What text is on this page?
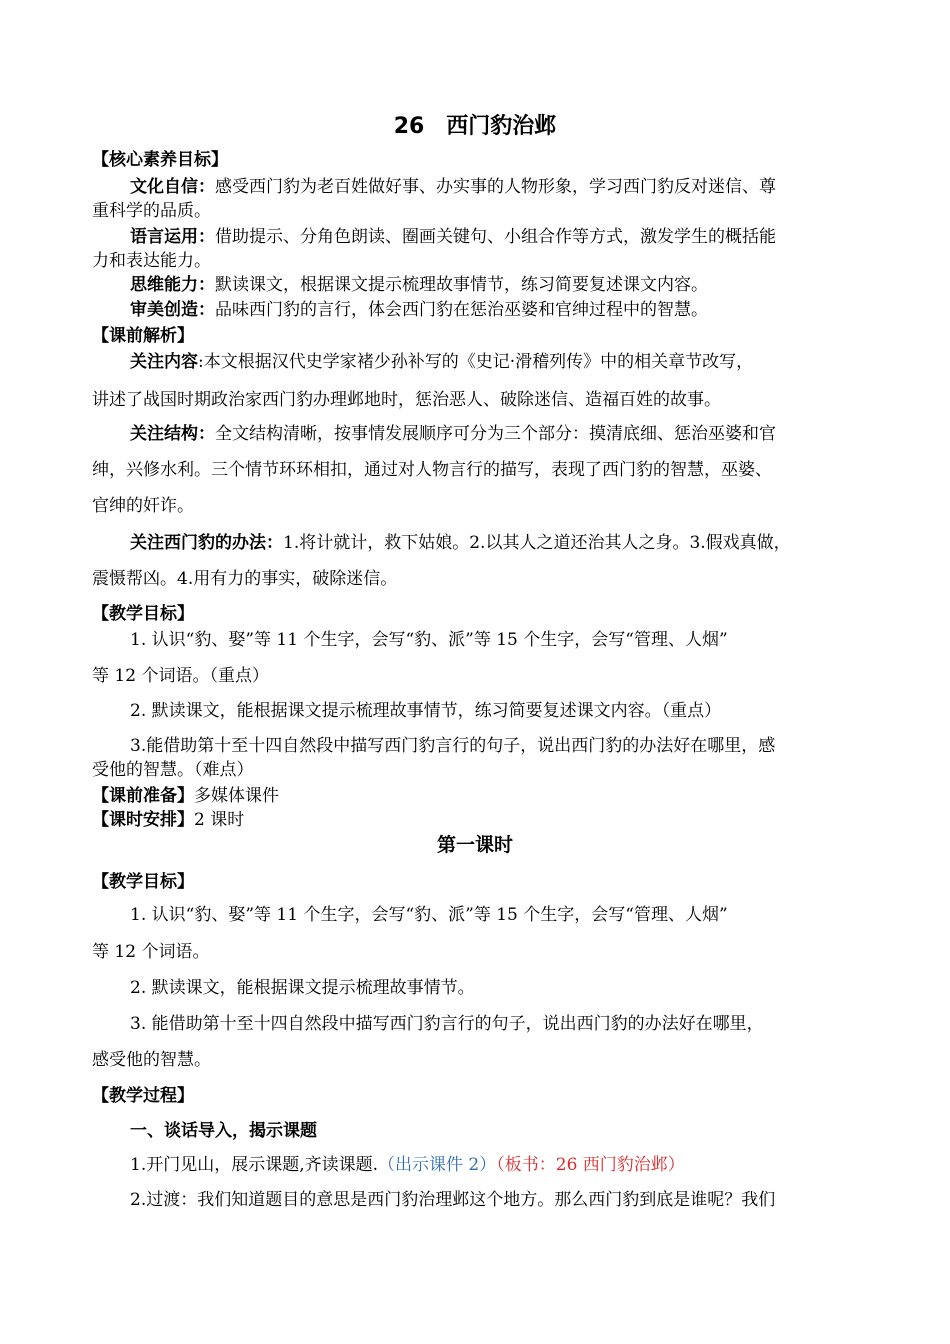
26　西门豹治邺

【核心素养目标】

文化自信：感受西门豹为老百姓做好事、办实事的人物形象，学习西门豹反对迷信、尊

重科学的品质。

语言运用：借助提示、分角色朗读、圈画关键句、小组合作等方式，激发学生的概括能

力和表达能力。

思维能力：默读课文，根据课文提示梳理故事情节，练习简要复述课文内容。

审美创造：品味西门豹的言行，体会西门豹在惩治巫婆和官绅过程中的智慧。

【课前解析】

关注内容:本文根据汉代史学家褚少孙补写的《史记·滑稽列传》中的相关章节改写，

讲述了战国时期政治家西门豹办理邺地时，惩治恶人、破除迷信、造福百姓的故事。

关注结构：全文结构清晰，按事情发展顺序可分为三个部分：摸清底细、惩治巫婆和官

绅，兴修水利。三个情节环环相扣，通过对人物言行的描写，表现了西门豹的智慧，巫婆、

官绅的奸诈。

关注西门豹的办法：1.将计就计，救下姑娘。2.以其人之道还治其人之身。3.假戏真做，

震慑帮凶。4.用有力的事实，破除迷信。

【教学目标】

1. 认识“豹、娶”等 11 个生字，会写“豹、派”等 15 个生字，会写“管理、人烟”

等 12 个词语。（重点）

2. 默读课文，能根据课文提示梳理故事情节，练习简要复述课文内容。（重点）

3.能借助第十至十四自然段中描写西门豹言行的句子，说出西门豹的办法好在哪里，感

受他的智慧。（难点）

【课前准备】多媒体课件

【课时安排】2 课时

第一课时

【教学目标】

1. 认识“豹、娶”等 11 个生字，会写“豹、派”等 15 个生字，会写“管理、人烟”

等 12 个词语。

2. 默读课文，能根据课文提示梳理故事情节。

3. 能借助第十至十四自然段中描写西门豹言行的句子，说出西门豹的办法好在哪里，

感受他的智慧。

【教学过程】

一、谈话导入，揭示课题

1.开门见山，展示课题,齐读课题.（出示课件 2）（板书：26 西门豹治邺）

2.过渡：我们知道题目的意思是西门豹治理邺这个地方。那么西门豹到底是谁呢？我们
